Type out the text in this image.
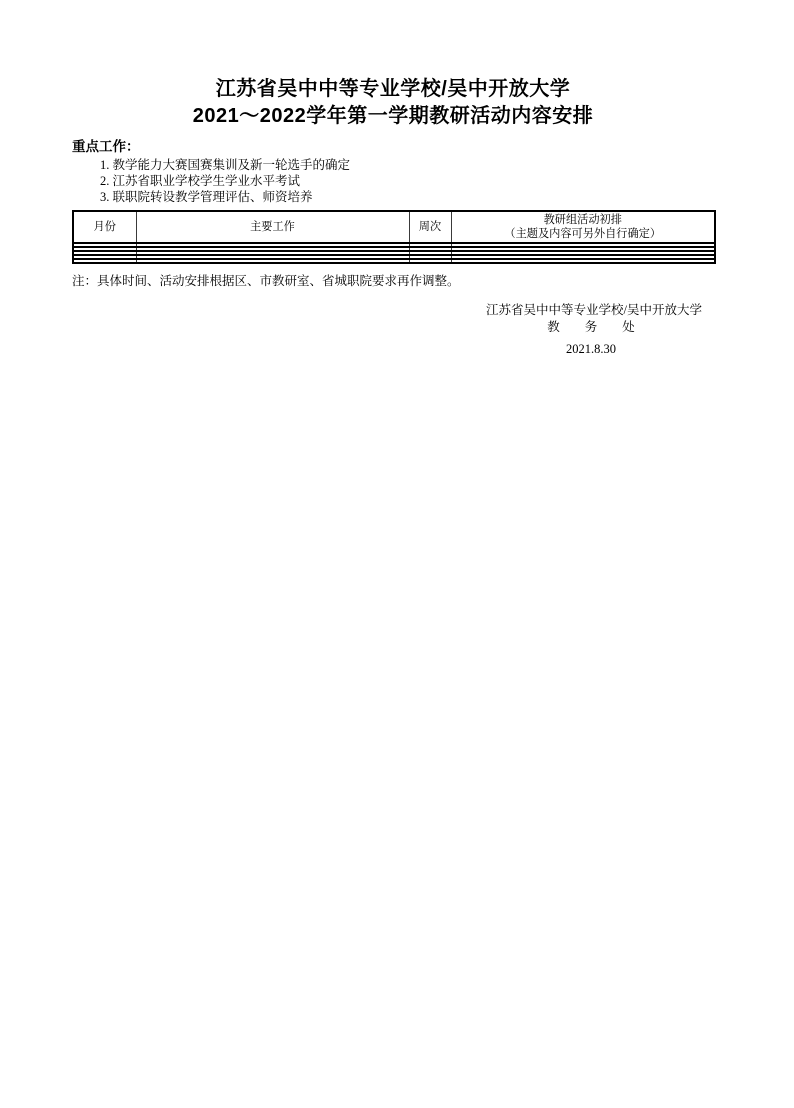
江苏省吴中中等专业学校/吴中开放大学
2021～2022学年第一学期教研活动内容安排
重点工作：
1. 教学能力大赛国赛集训及新一轮选手的确定
2. 江苏省职业学校学生学业水平考试
3. 联职院转设教学管理评估、师资培养
月份	主要工作	周次	教研组活动初排
（主题及内容可另外自行确定）

注：具体时间、活动安排根据区、市教研室、省城职院要求再作调整。
江苏省吴中中等专业学校/吴中开放大学
教　　务　　处
2021.8.30
